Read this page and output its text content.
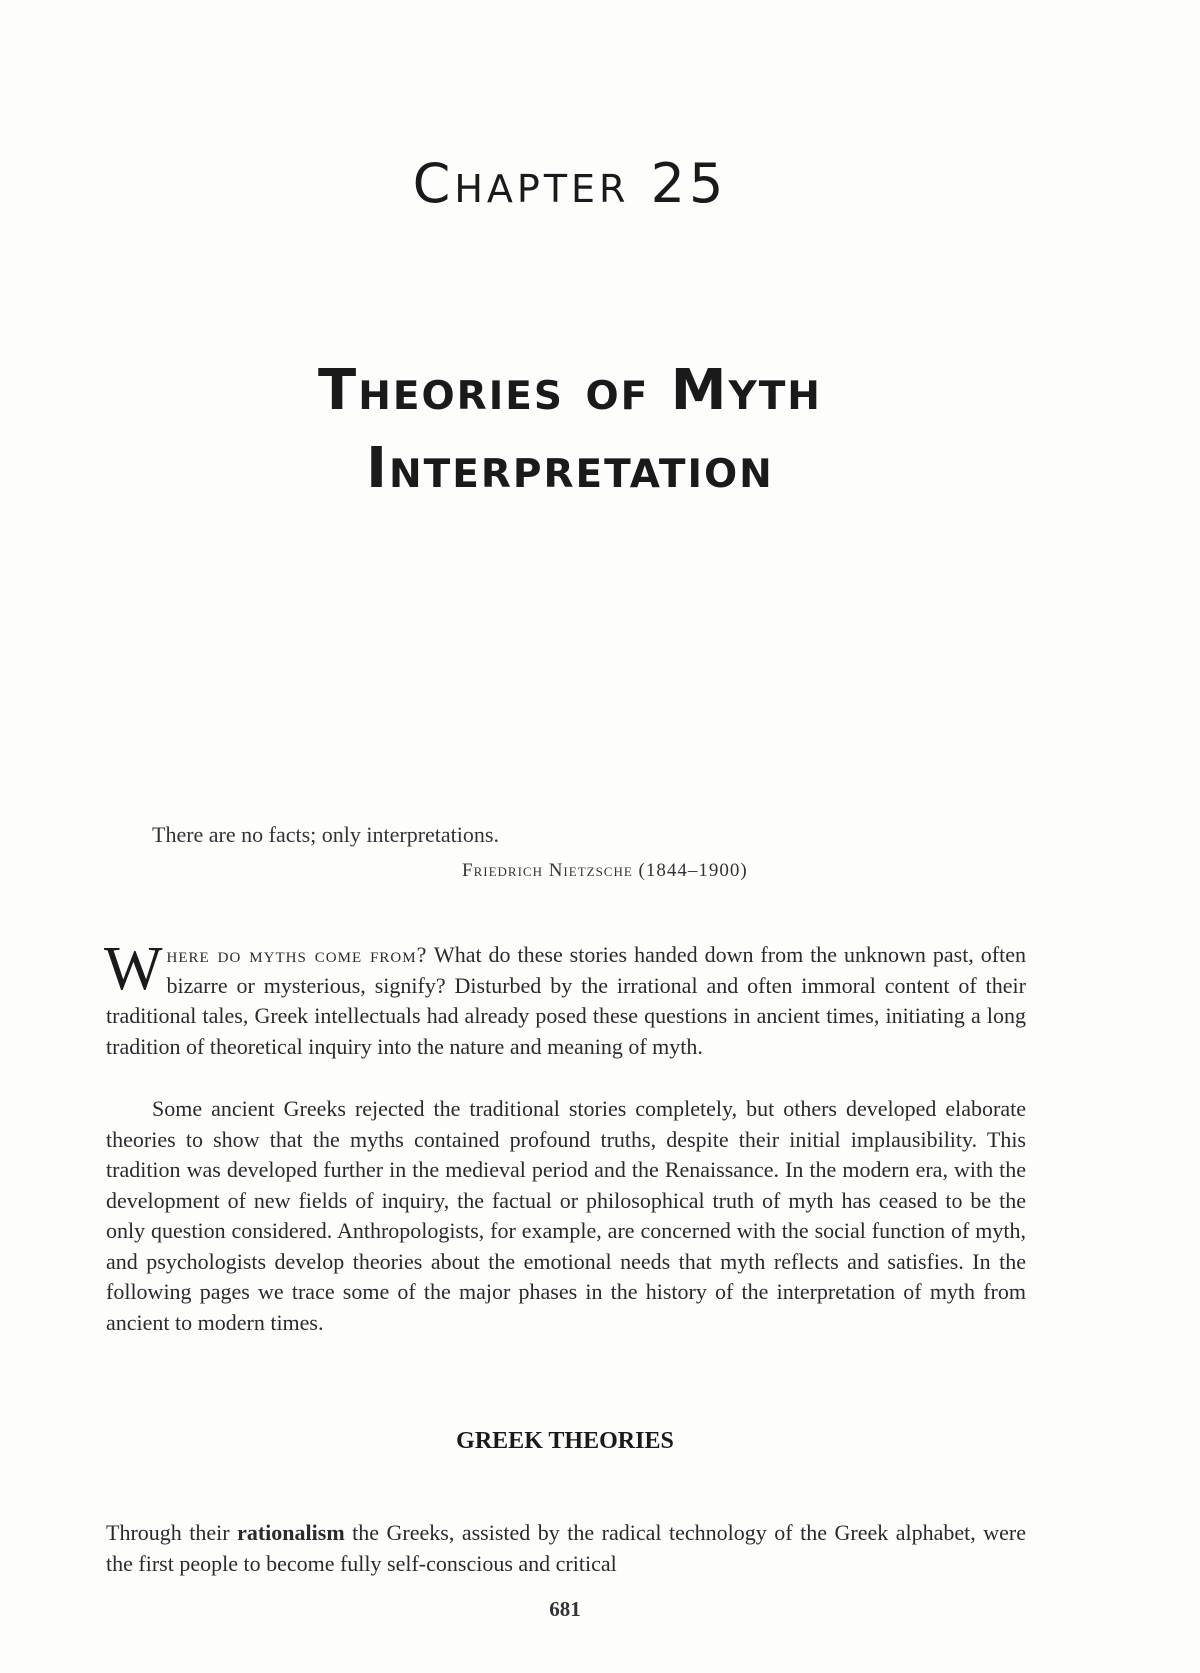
Chapter 25
Theories of Myth
Interpretation
There are no facts; only interpretations.
Friedrich Nietzsche (1844–1900)

Where do myths come from? What do these stories handed down from the unknown past, often bizarre or mysterious, signify? Disturbed by the irrational and often immoral content of their traditional tales, Greek intellectuals had already posed these questions in ancient times, initiating a long tradition of theoretical inquiry into the nature and meaning of myth.

Some ancient Greeks rejected the traditional stories completely, but others developed elaborate theories to show that the myths contained profound truths, despite their initial implausibility. This tradition was developed further in the medieval period and the Renaissance. In the modern era, with the development of new fields of inquiry, the factual or philosophical truth of myth has ceased to be the only question considered. Anthropologists, for example, are concerned with the social function of myth, and psychologists develop theories about the emotional needs that myth reflects and satisfies. In the following pages we trace some of the major phases in the history of the interpretation of myth from ancient to modern times.

GREEK THEORIES

Through their rationalism the Greeks, assisted by the radical technology of the Greek alphabet, were the first people to become fully self-conscious and critical

681
